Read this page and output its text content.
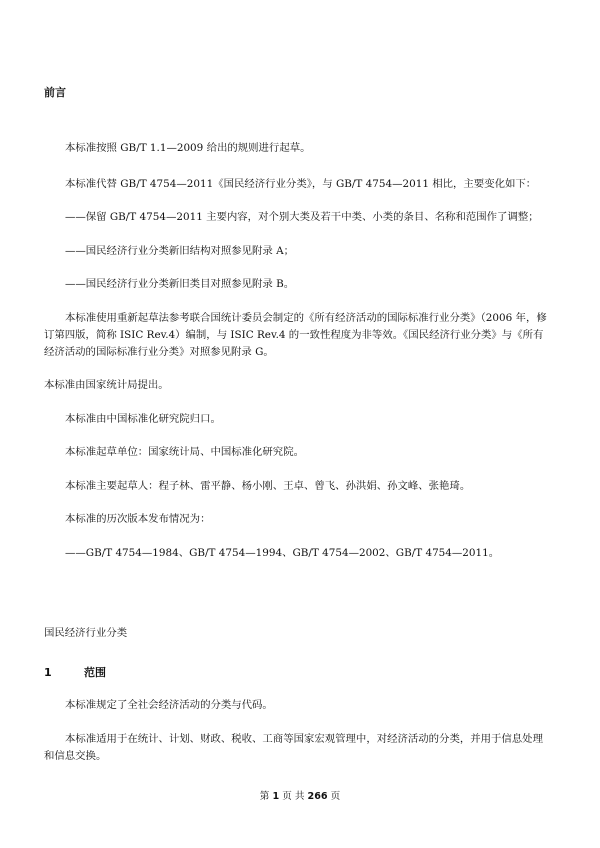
前言
本标准按照 GB/T 1.1—2009 给出的规则进行起草。
本标准代替 GB/T 4754—2011《国民经济行业分类》，与 GB/T 4754—2011 相比，主要变化如下：
——保留 GB/T 4754—2011 主要内容，对个别大类及若干中类、小类的条目、名称和范围作了调整；
——国民经济行业分类新旧结构对照参见附录 A；
——国民经济行业分类新旧类目对照参见附录 B。
本标准使用重新起草法参考联合国统计委员会制定的《所有经济活动的国际标准行业分类》（2006 年，修
订第四版，简称 ISIC Rev.4）编制，与 ISIC Rev.4 的一致性程度为非等效。《国民经济行业分类》与《所有
经济活动的国际标准行业分类》对照参见附录 G。
本标准由国家统计局提出。
本标准由中国标准化研究院归口。
本标准起草单位：国家统计局、中国标准化研究院。
本标准主要起草人：程子林、雷平静、杨小刚、王卓、曾飞、孙洪娟、孙文峰、张艳琦。
本标准的历次版本发布情况为：
——GB/T 4754—1984、GB/T 4754—1994、GB/T 4754—2002、GB/T 4754—2011。
国民经济行业分类
1	范围
本标准规定了全社会经济活动的分类与代码。
本标准适用于在统计、计划、财政、税收、工商等国家宏观管理中，对经济活动的分类，并用于信息处理
和信息交换。
第 1 页 共 266 页
